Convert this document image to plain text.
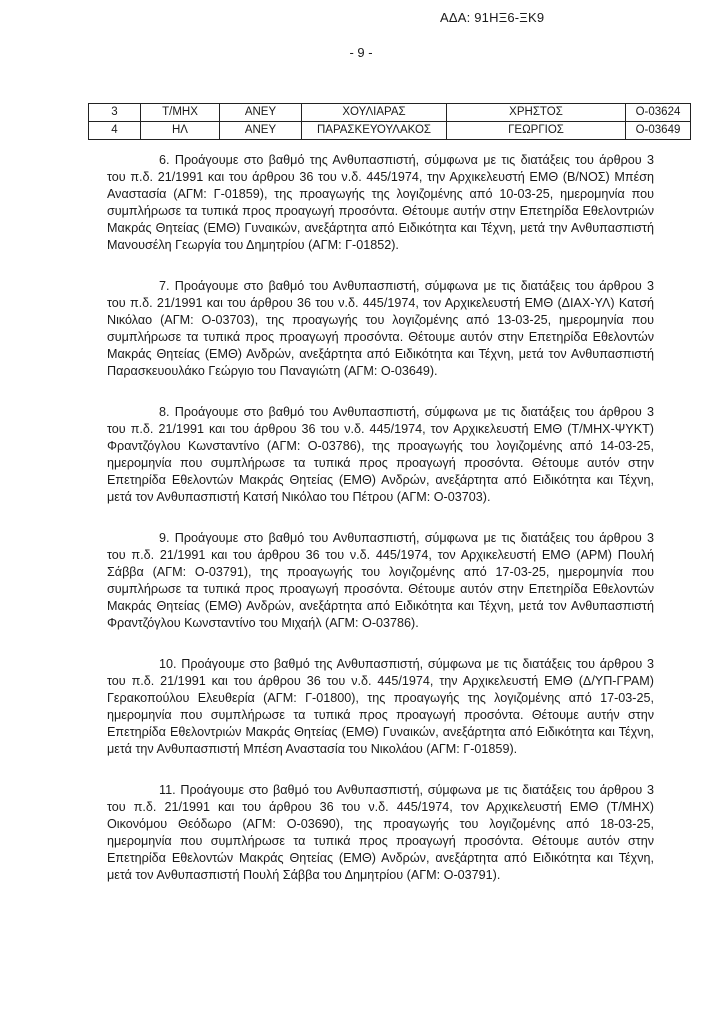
ΑΔΑ: 91ΗΞ6-ΞΚ9
- 9 -
3	Τ/ΜΗΧ	ΑΝΕΥ	ΧΟΥΛΙΑΡΑΣ	ΧΡΗΣΤΟΣ	Ο-03624
4	ΗΛ	ΑΝΕΥ	ΠΑΡΑΣΚΕΥΟΥΛΑΚΟΣ	ΓΕΩΡΓΙΟΣ	Ο-03649

6. Προάγουμε στο βαθμό της Ανθυπασπιστή, σύμφωνα με τις διατάξεις του άρθρου 3 του π.δ. 21/1991 και του άρθρου 36 του ν.δ. 445/1974, την Αρχικελευστή ΕΜΘ (Β/ΝΟΣ) Μπέση Αναστασία (ΑΓΜ: Γ-01859), της προαγωγής της λογιζομένης από 10-03-25, ημερομηνία που συμπλήρωσε τα τυπικά προς προαγωγή προσόντα. Θέτουμε αυτήν στην Επετηρίδα Εθελοντριών Μακράς Θητείας (ΕΜΘ) Γυναικών, ανεξάρτητα από Ειδικότητα και Τέχνη, μετά την Ανθυπασπιστή Μανουσέλη Γεωργία του Δημητρίου (ΑΓΜ: Γ-01852).

7. Προάγουμε στο βαθμό του Ανθυπασπιστή, σύμφωνα με τις διατάξεις του άρθρου 3 του π.δ. 21/1991 και του άρθρου 36 του ν.δ. 445/1974, τον Αρχικελευστή ΕΜΘ (ΔΙΑΧ-ΥΛ) Κατσή Νικόλαο (ΑΓΜ: Ο-03703), της προαγωγής του λογιζομένης από 13-03-25, ημερομηνία που συμπλήρωσε τα τυπικά προς προαγωγή προσόντα. Θέτουμε αυτόν στην Επετηρίδα Εθελοντών Μακράς Θητείας (ΕΜΘ) Ανδρών, ανεξάρτητα από Ειδικότητα και Τέχνη, μετά τον Ανθυπασπιστή Παρασκευουλάκο Γεώργιο του Παναγιώτη (ΑΓΜ: Ο-03649).

8. Προάγουμε στο βαθμό του Ανθυπασπιστή, σύμφωνα με τις διατάξεις του άρθρου 3 του π.δ. 21/1991 και του άρθρου 36 του ν.δ. 445/1974, τον Αρχικελευστή ΕΜΘ (Τ/ΜΗΧ-ΨΥΚΤ) Φραντζόγλου Κωνσταντίνο (ΑΓΜ: Ο-03786), της προαγωγής του λογιζομένης από 14-03-25, ημερομηνία που συμπλήρωσε τα τυπικά προς προαγωγή προσόντα. Θέτουμε αυτόν στην Επετηρίδα Εθελοντών Μακράς Θητείας (ΕΜΘ) Ανδρών, ανεξάρτητα από Ειδικότητα και Τέχνη, μετά τον Ανθυπασπιστή Κατσή Νικόλαο του Πέτρου (ΑΓΜ: Ο-03703).

9. Προάγουμε στο βαθμό του Ανθυπασπιστή, σύμφωνα με τις διατάξεις του άρθρου 3 του π.δ. 21/1991 και του άρθρου 36 του ν.δ. 445/1974, τον Αρχικελευστή ΕΜΘ (ΑΡΜ) Πουλή Σάββα (ΑΓΜ: Ο-03791), της προαγωγής του λογιζομένης από 17-03-25, ημερομηνία που συμπλήρωσε τα τυπικά προς προαγωγή προσόντα. Θέτουμε αυτόν στην Επετηρίδα Εθελοντών Μακράς Θητείας (ΕΜΘ) Ανδρών, ανεξάρτητα από Ειδικότητα και Τέχνη, μετά τον Ανθυπασπιστή Φραντζόγλου Κωνσταντίνο του Μιχαήλ (ΑΓΜ: Ο-03786).

10. Προάγουμε στο βαθμό της Ανθυπασπιστή, σύμφωνα με τις διατάξεις του άρθρου 3 του π.δ. 21/1991 και του άρθρου 36 του ν.δ. 445/1974, την Αρχικελευστή ΕΜΘ (Δ/ΥΠ-ΓΡΑΜ) Γερακοπούλου Ελευθερία (ΑΓΜ: Γ-01800), της προαγωγής της λογιζομένης από 17-03-25, ημερομηνία που συμπλήρωσε τα τυπικά προς προαγωγή προσόντα. Θέτουμε αυτήν στην Επετηρίδα Εθελοντριών Μακράς Θητείας (ΕΜΘ) Γυναικών, ανεξάρτητα από Ειδικότητα και Τέχνη, μετά την Ανθυπασπιστή Μπέση Αναστασία του Νικολάου (ΑΓΜ: Γ-01859).

11. Προάγουμε στο βαθμό του Ανθυπασπιστή, σύμφωνα με τις διατάξεις του άρθρου 3 του π.δ. 21/1991 και του άρθρου 36 του ν.δ. 445/1974, τον Αρχικελευστή ΕΜΘ (Τ/ΜΗΧ) Οικονόμου Θεόδωρο (ΑΓΜ: Ο-03690), της προαγωγής του λογιζομένης από 18-03-25, ημερομηνία που συμπλήρωσε τα τυπικά προς προαγωγή προσόντα. Θέτουμε αυτόν στην Επετηρίδα Εθελοντών Μακράς Θητείας (ΕΜΘ) Ανδρών, ανεξάρτητα από Ειδικότητα και Τέχνη, μετά τον Ανθυπασπιστή Πουλή Σάββα του Δημητρίου (ΑΓΜ: Ο-03791).
